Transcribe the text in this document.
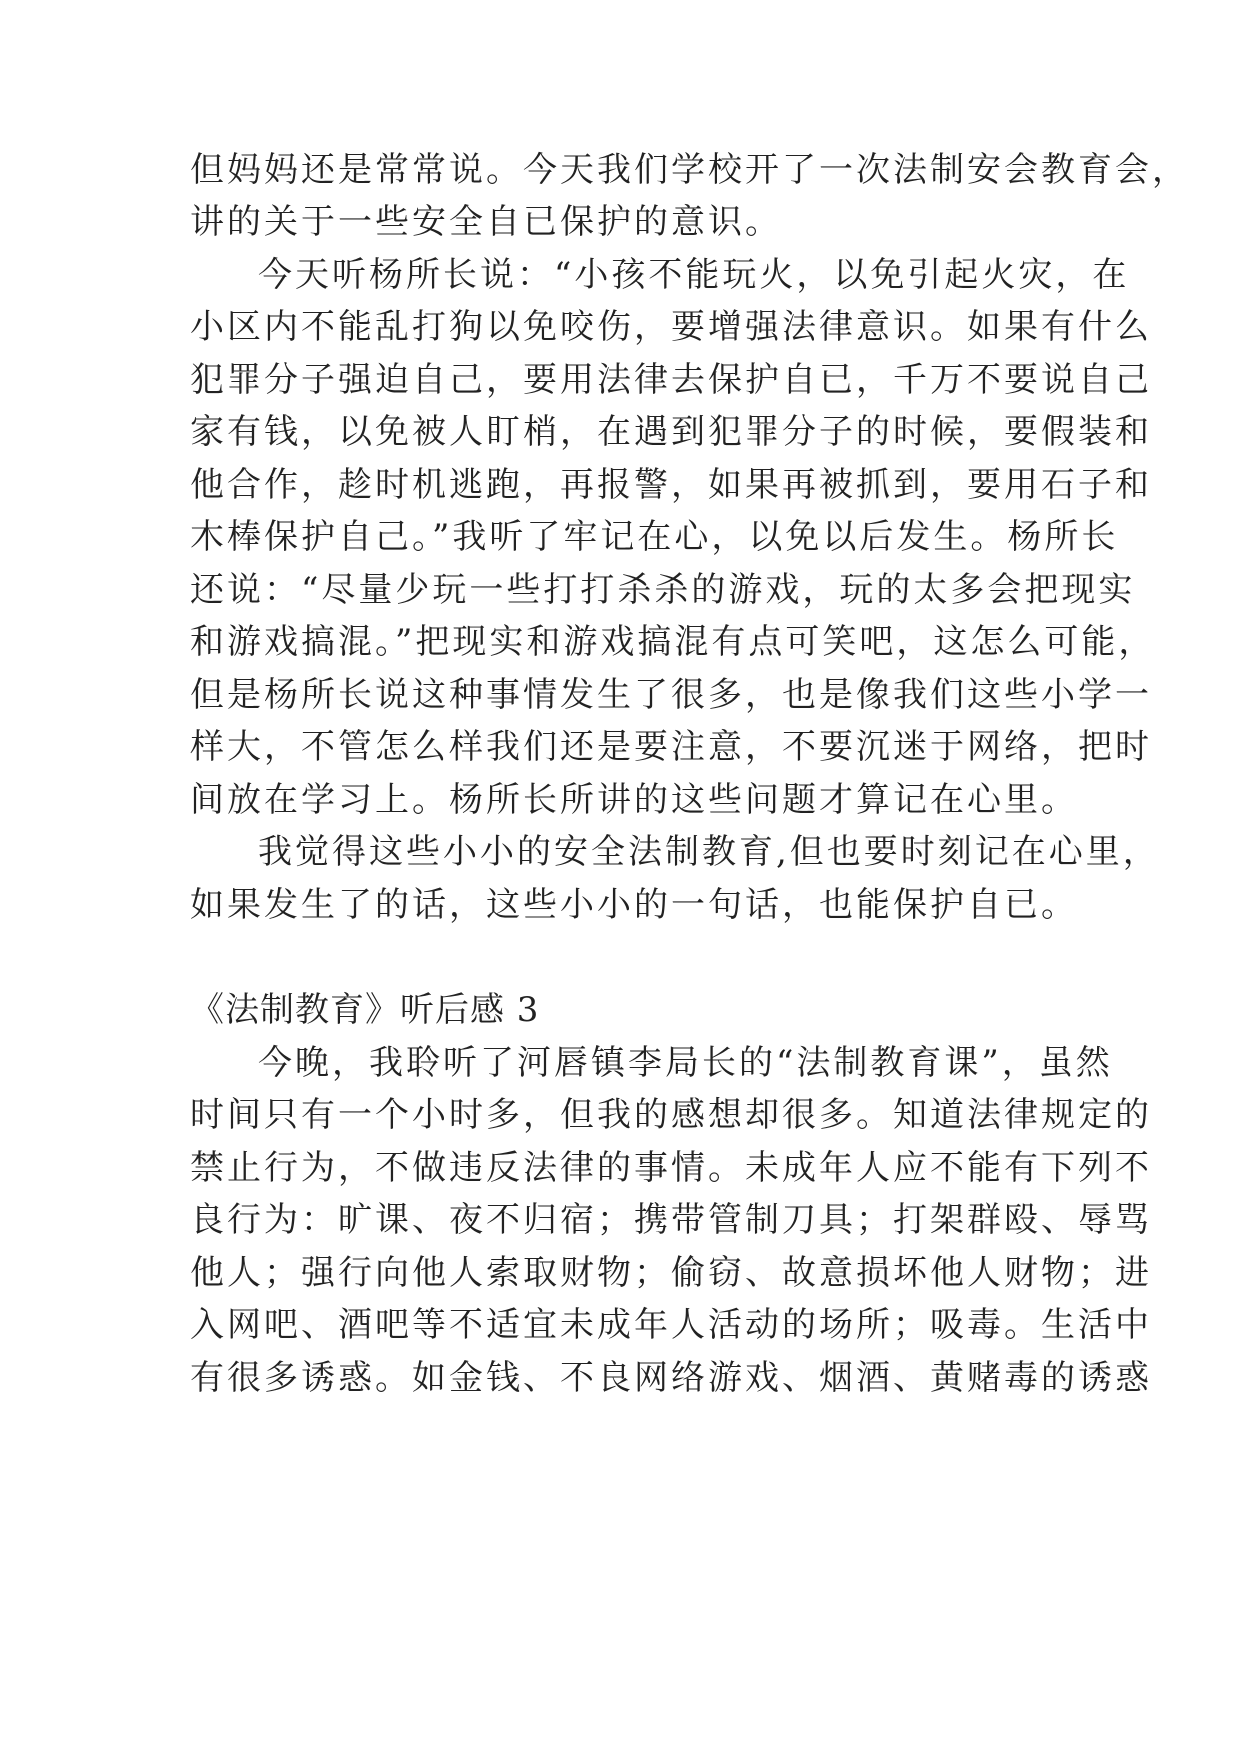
但妈妈还是常常说。今天我们学校开了一次法制安会教育会，

讲的关于一些安全自已保护的意识。

今天听杨所长说：“小孩不能玩火，以免引起火灾，在

小区内不能乱打狗以免咬伤，要增强法律意识。如果有什么

犯罪分子强迫自己，要用法律去保护自已，千万不要说自己

家有钱，以免被人盯梢，在遇到犯罪分子的时候，要假装和

他合作，趁时机逃跑，再报警，如果再被抓到，要用石子和

木棒保护自己。”我听了牢记在心，以免以后发生。杨所长

还说：“尽量少玩一些打打杀杀的游戏，玩的太多会把现实

和游戏搞混。”把现实和游戏搞混有点可笑吧，这怎么可能，

但是杨所长说这种事情发生了很多，也是像我们这些小学一

样大，不管怎么样我们还是要注意，不要沉迷于网络，把时

间放在学习上。杨所长所讲的这些问题才算记在心里。

我觉得这些小小的安全法制教育,但也要时刻记在心里，

如果发生了的话，这些小小的一句话，也能保护自已。

《法制教育》听后感 3

今晚，我聆听了河唇镇李局长的“法制教育课”，虽然

时间只有一个小时多，但我的感想却很多。知道法律规定的

禁止行为，不做违反法律的事情。未成年人应不能有下列不

良行为：旷课、夜不归宿；携带管制刀具；打架群殴、辱骂

他人；强行向他人索取财物；偷窃、故意损坏他人财物；进

入网吧、酒吧等不适宜未成年人活动的场所；吸毒。生活中

有很多诱惑。如金钱、不良网络游戏、烟酒、黄赌毒的诱惑
